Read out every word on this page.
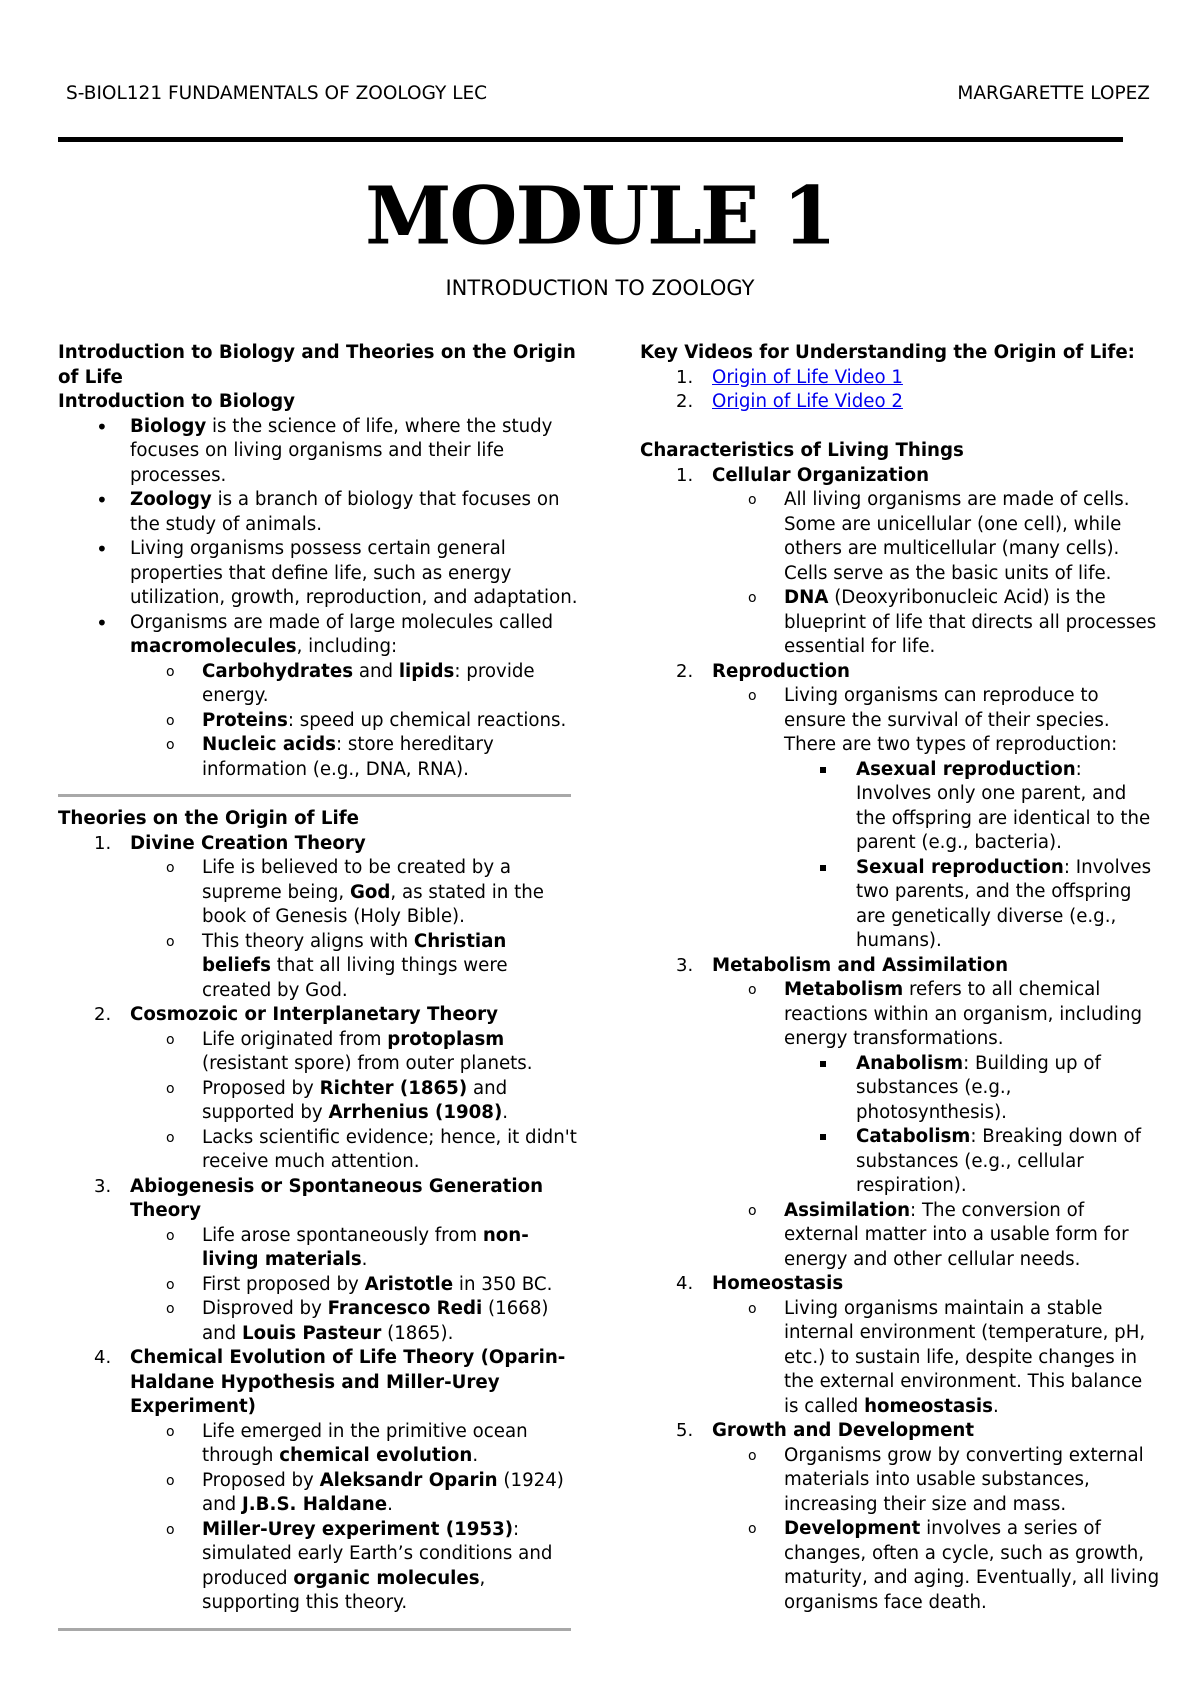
S-BIOL121 FUNDAMENTALS OF ZOOLOGY LEC	MARGARETTE LOPEZ
MODULE 1
INTRODUCTION TO ZOOLOGY
Introduction to Biology and Theories on the Origin of Life
Introduction to Biology
• Biology is the science of life, where the study focuses on living organisms and their life processes.
• Zoology is a branch of biology that focuses on the study of animals.
• Living organisms possess certain general properties that define life, such as energy utilization, growth, reproduction, and adaptation.
• Organisms are made of large molecules called macromolecules, including:
o Carbohydrates and lipids: provide energy.
o Proteins: speed up chemical reactions.
o Nucleic acids: store hereditary information (e.g., DNA, RNA).
Theories on the Origin of Life
1. Divine Creation Theory
o Life is believed to be created by a supreme being, God, as stated in the book of Genesis (Holy Bible).
o This theory aligns with Christian beliefs that all living things were created by God.
2. Cosmozoic or Interplanetary Theory
o Life originated from protoplasm (resistant spore) from outer planets.
o Proposed by Richter (1865) and supported by Arrhenius (1908).
o Lacks scientific evidence; hence, it didn't receive much attention.
3. Abiogenesis or Spontaneous Generation Theory
o Life arose spontaneously from non-living materials.
o First proposed by Aristotle in 350 BC.
o Disproved by Francesco Redi (1668) and Louis Pasteur (1865).
4. Chemical Evolution of Life Theory (Oparin-Haldane Hypothesis and Miller-Urey Experiment)
o Life emerged in the primitive ocean through chemical evolution.
o Proposed by Aleksandr Oparin (1924) and J.B.S. Haldane.
o Miller-Urey experiment (1953): simulated early Earth’s conditions and produced organic molecules, supporting this theory.
Key Videos for Understanding the Origin of Life:
1. Origin of Life Video 1
2. Origin of Life Video 2
Characteristics of Living Things
1. Cellular Organization
o All living organisms are made of cells. Some are unicellular (one cell), while others are multicellular (many cells). Cells serve as the basic units of life.
o DNA (Deoxyribonucleic Acid) is the blueprint of life that directs all processes essential for life.
2. Reproduction
o Living organisms can reproduce to ensure the survival of their species. There are two types of reproduction:
Asexual reproduction: Involves only one parent, and the offspring are identical to the parent (e.g., bacteria).
Sexual reproduction: Involves two parents, and the offspring are genetically diverse (e.g., humans).
3. Metabolism and Assimilation
o Metabolism refers to all chemical reactions within an organism, including energy transformations.
Anabolism: Building up of substances (e.g., photosynthesis).
Catabolism: Breaking down of substances (e.g., cellular respiration).
o Assimilation: The conversion of external matter into a usable form for energy and other cellular needs.
4. Homeostasis
o Living organisms maintain a stable internal environment (temperature, pH, etc.) to sustain life, despite changes in the external environment. This balance is called homeostasis.
5. Growth and Development
o Organisms grow by converting external materials into usable substances, increasing their size and mass.
o Development involves a series of changes, often a cycle, such as growth, maturity, and aging. Eventually, all living organisms face death.
